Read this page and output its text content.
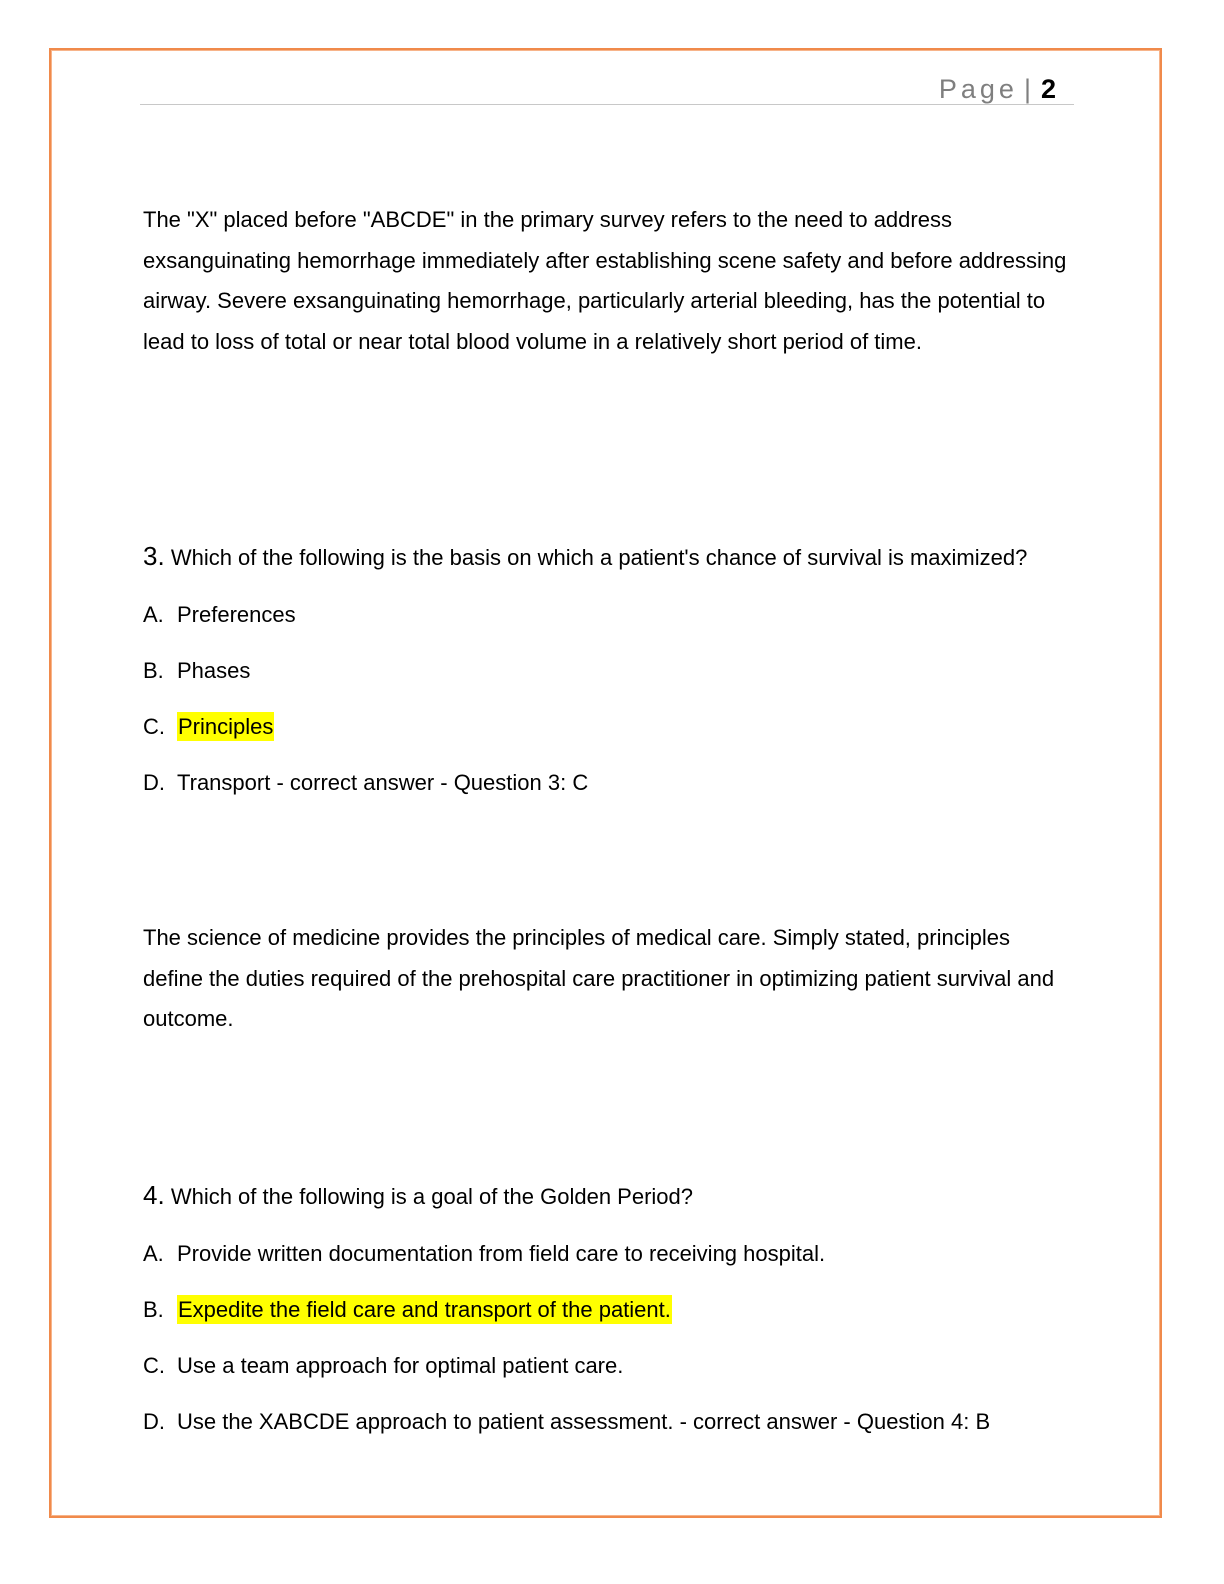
Page | 2

The "X" placed before "ABCDE" in the primary survey refers to the need to address exsanguinating hemorrhage immediately after establishing scene safety and before addressing airway. Severe exsanguinating hemorrhage, particularly arterial bleeding, has the potential to lead to loss of total or near total blood volume in a relatively short period of time.

3. Which of the following is the basis on which a patient's chance of survival is maximized?

A. Preferences
B. Phases
C. Principles
D. Transport - correct answer - Question 3: C

The science of medicine provides the principles of medical care. Simply stated, principles define the duties required of the prehospital care practitioner in optimizing patient survival and outcome.

4. Which of the following is a goal of the Golden Period?

A. Provide written documentation from field care to receiving hospital.
B. Expedite the field care and transport of the patient.
C. Use a team approach for optimal patient care.
D. Use the XABCDE approach to patient assessment. - correct answer - Question 4: B
